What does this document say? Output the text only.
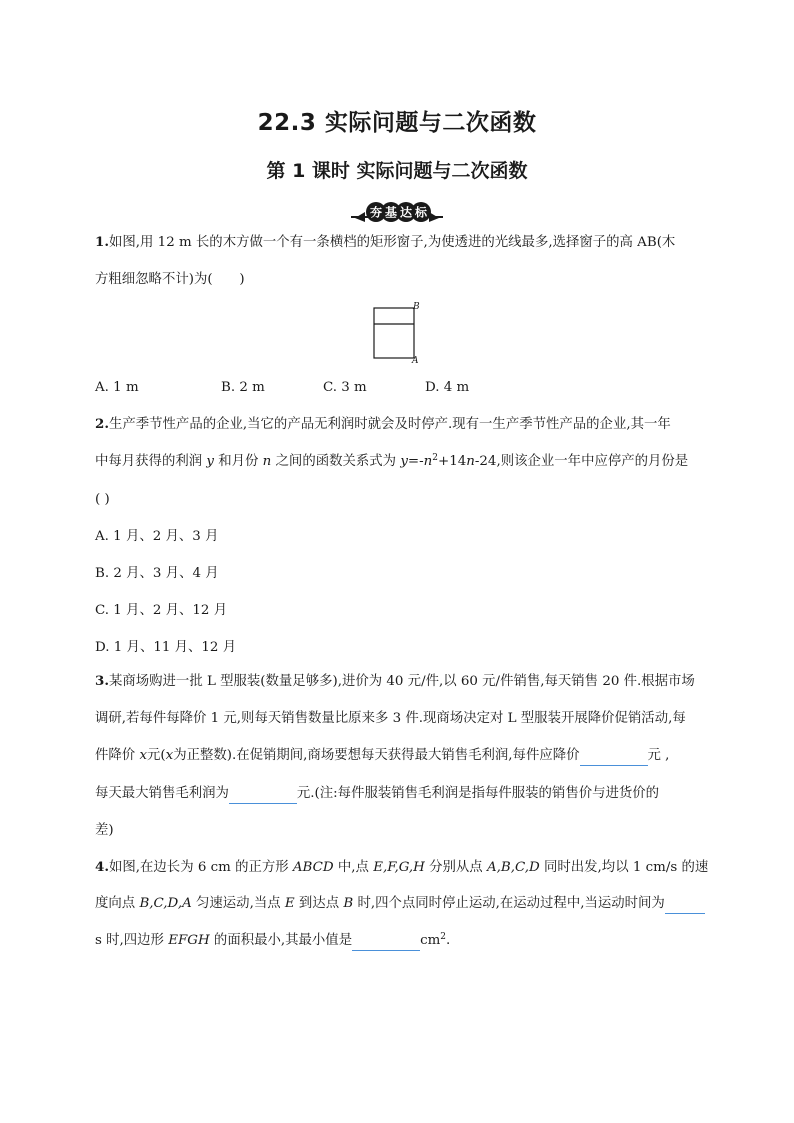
22.3 实际问题与二次函数
第 1 课时 实际问题与二次函数
夯 基 达 标
1.如图,用 12 m 长的木方做一个有一条横档的矩形窗子,为使透进的光线最多,选择窗子的高 AB(木
方粗细忽略不计)为(　　)
B
A
A. 1 m	B. 2 m	C. 3 m	D. 4 m
2.生产季节性产品的企业,当它的产品无利润时就会及时停产.现有一生产季节性产品的企业,其一年
中每月获得的利润 y 和月份 n 之间的函数关系式为 $y=-n^2+14n-24$,则该企业一年中应停产的月份是
( )
A. 1 月、2 月、3 月
B. 2 月、3 月、4 月
C. 1 月、2 月、12 月
D. 1 月、11 月、12 月
3.某商场购进一批 L 型服装(数量足够多),进价为 40 元/件,以 60 元/件销售,每天销售 20 件.根据市场
调研,若每件每降价 1 元,则每天销售数量比原来多 3 件.现商场决定对 L 型服装开展降价促销活动,每
件降价 x元(x为正整数).在促销期间,商场要想每天获得最大销售毛利润,每件应降价	元 ,
每天最大销售毛利润为	元.(注:每件服装销售毛利润是指每件服装的销售价与进货价的
差)
4.如图,在边长为 6 cm 的正方形 ABCD 中,点 E,F,G,H 分别从点 A,B,C,D 同时出发,均以 1 cm/s 的速
度向点 B,C,D,A 匀速运动,当点 E 到达点 B 时,四个点同时停止运动,在运动过程中,当运动时间为
s 时,四边形 EFGH 的面积最小,其最小值是	$cm^2$.
